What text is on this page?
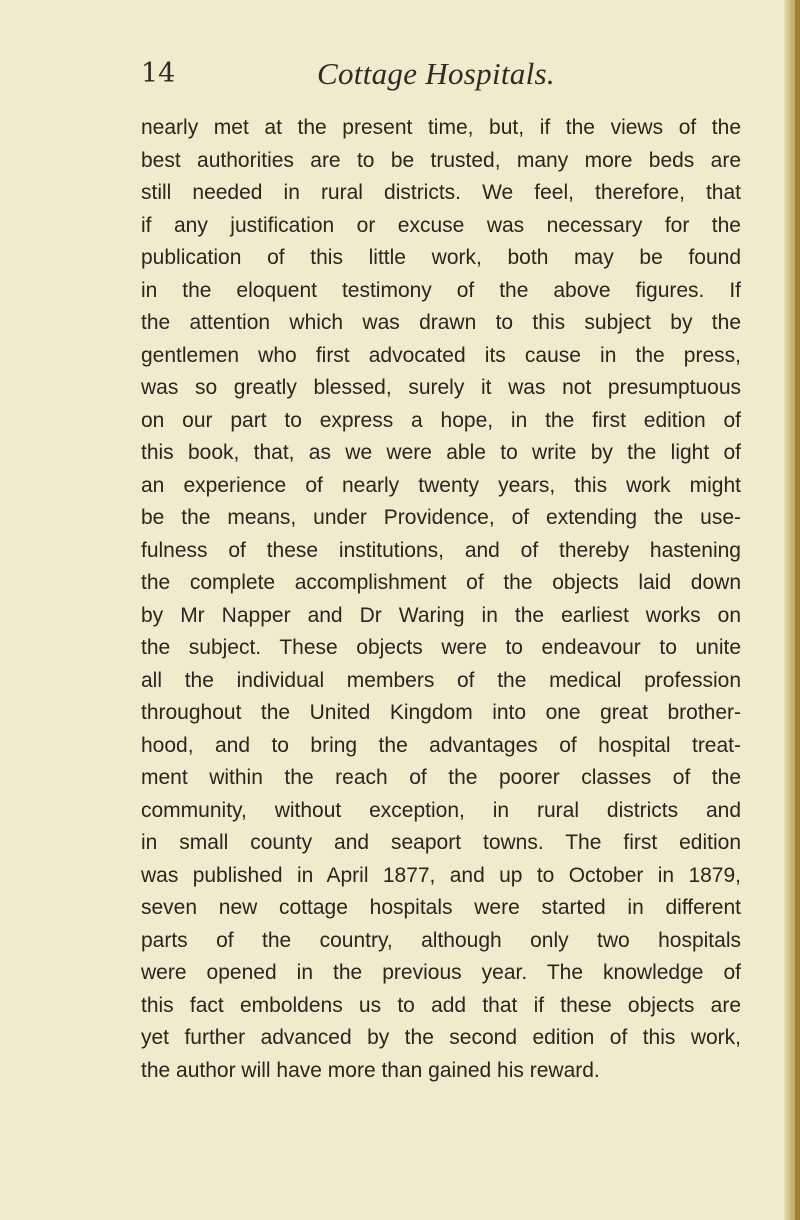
14	Cottage Hospitals.
nearly met at the present time, but, if the views of the
best authorities are to be trusted, many more beds are
still needed in rural districts. We feel, therefore, that
if any justification or excuse was necessary for the
publication of this little work, both may be found
in the eloquent testimony of the above figures. If
the attention which was drawn to this subject by the
gentlemen who first advocated its cause in the press,
was so greatly blessed, surely it was not presumptuous
on our part to express a hope, in the first edition of
this book, that, as we were able to write by the light of
an experience of nearly twenty years, this work might
be the means, under Providence, of extending the use-
fulness of these institutions, and of thereby hastening
the complete accomplishment of the objects laid down
by Mr Napper and Dr Waring in the earliest works on
the subject. These objects were to endeavour to unite
all the individual members of the medical profession
throughout the United Kingdom into one great brother-
hood, and to bring the advantages of hospital treat-
ment within the reach of the poorer classes of the
community, without exception, in rural districts and
in small county and seaport towns. The first edition
was published in April 1877, and up to October in 1879,
seven new cottage hospitals were started in different
parts of the country, although only two hospitals
were opened in the previous year. The knowledge of
this fact emboldens us to add that if these objects are
yet further advanced by the second edition of this work,
the author will have more than gained his reward.
